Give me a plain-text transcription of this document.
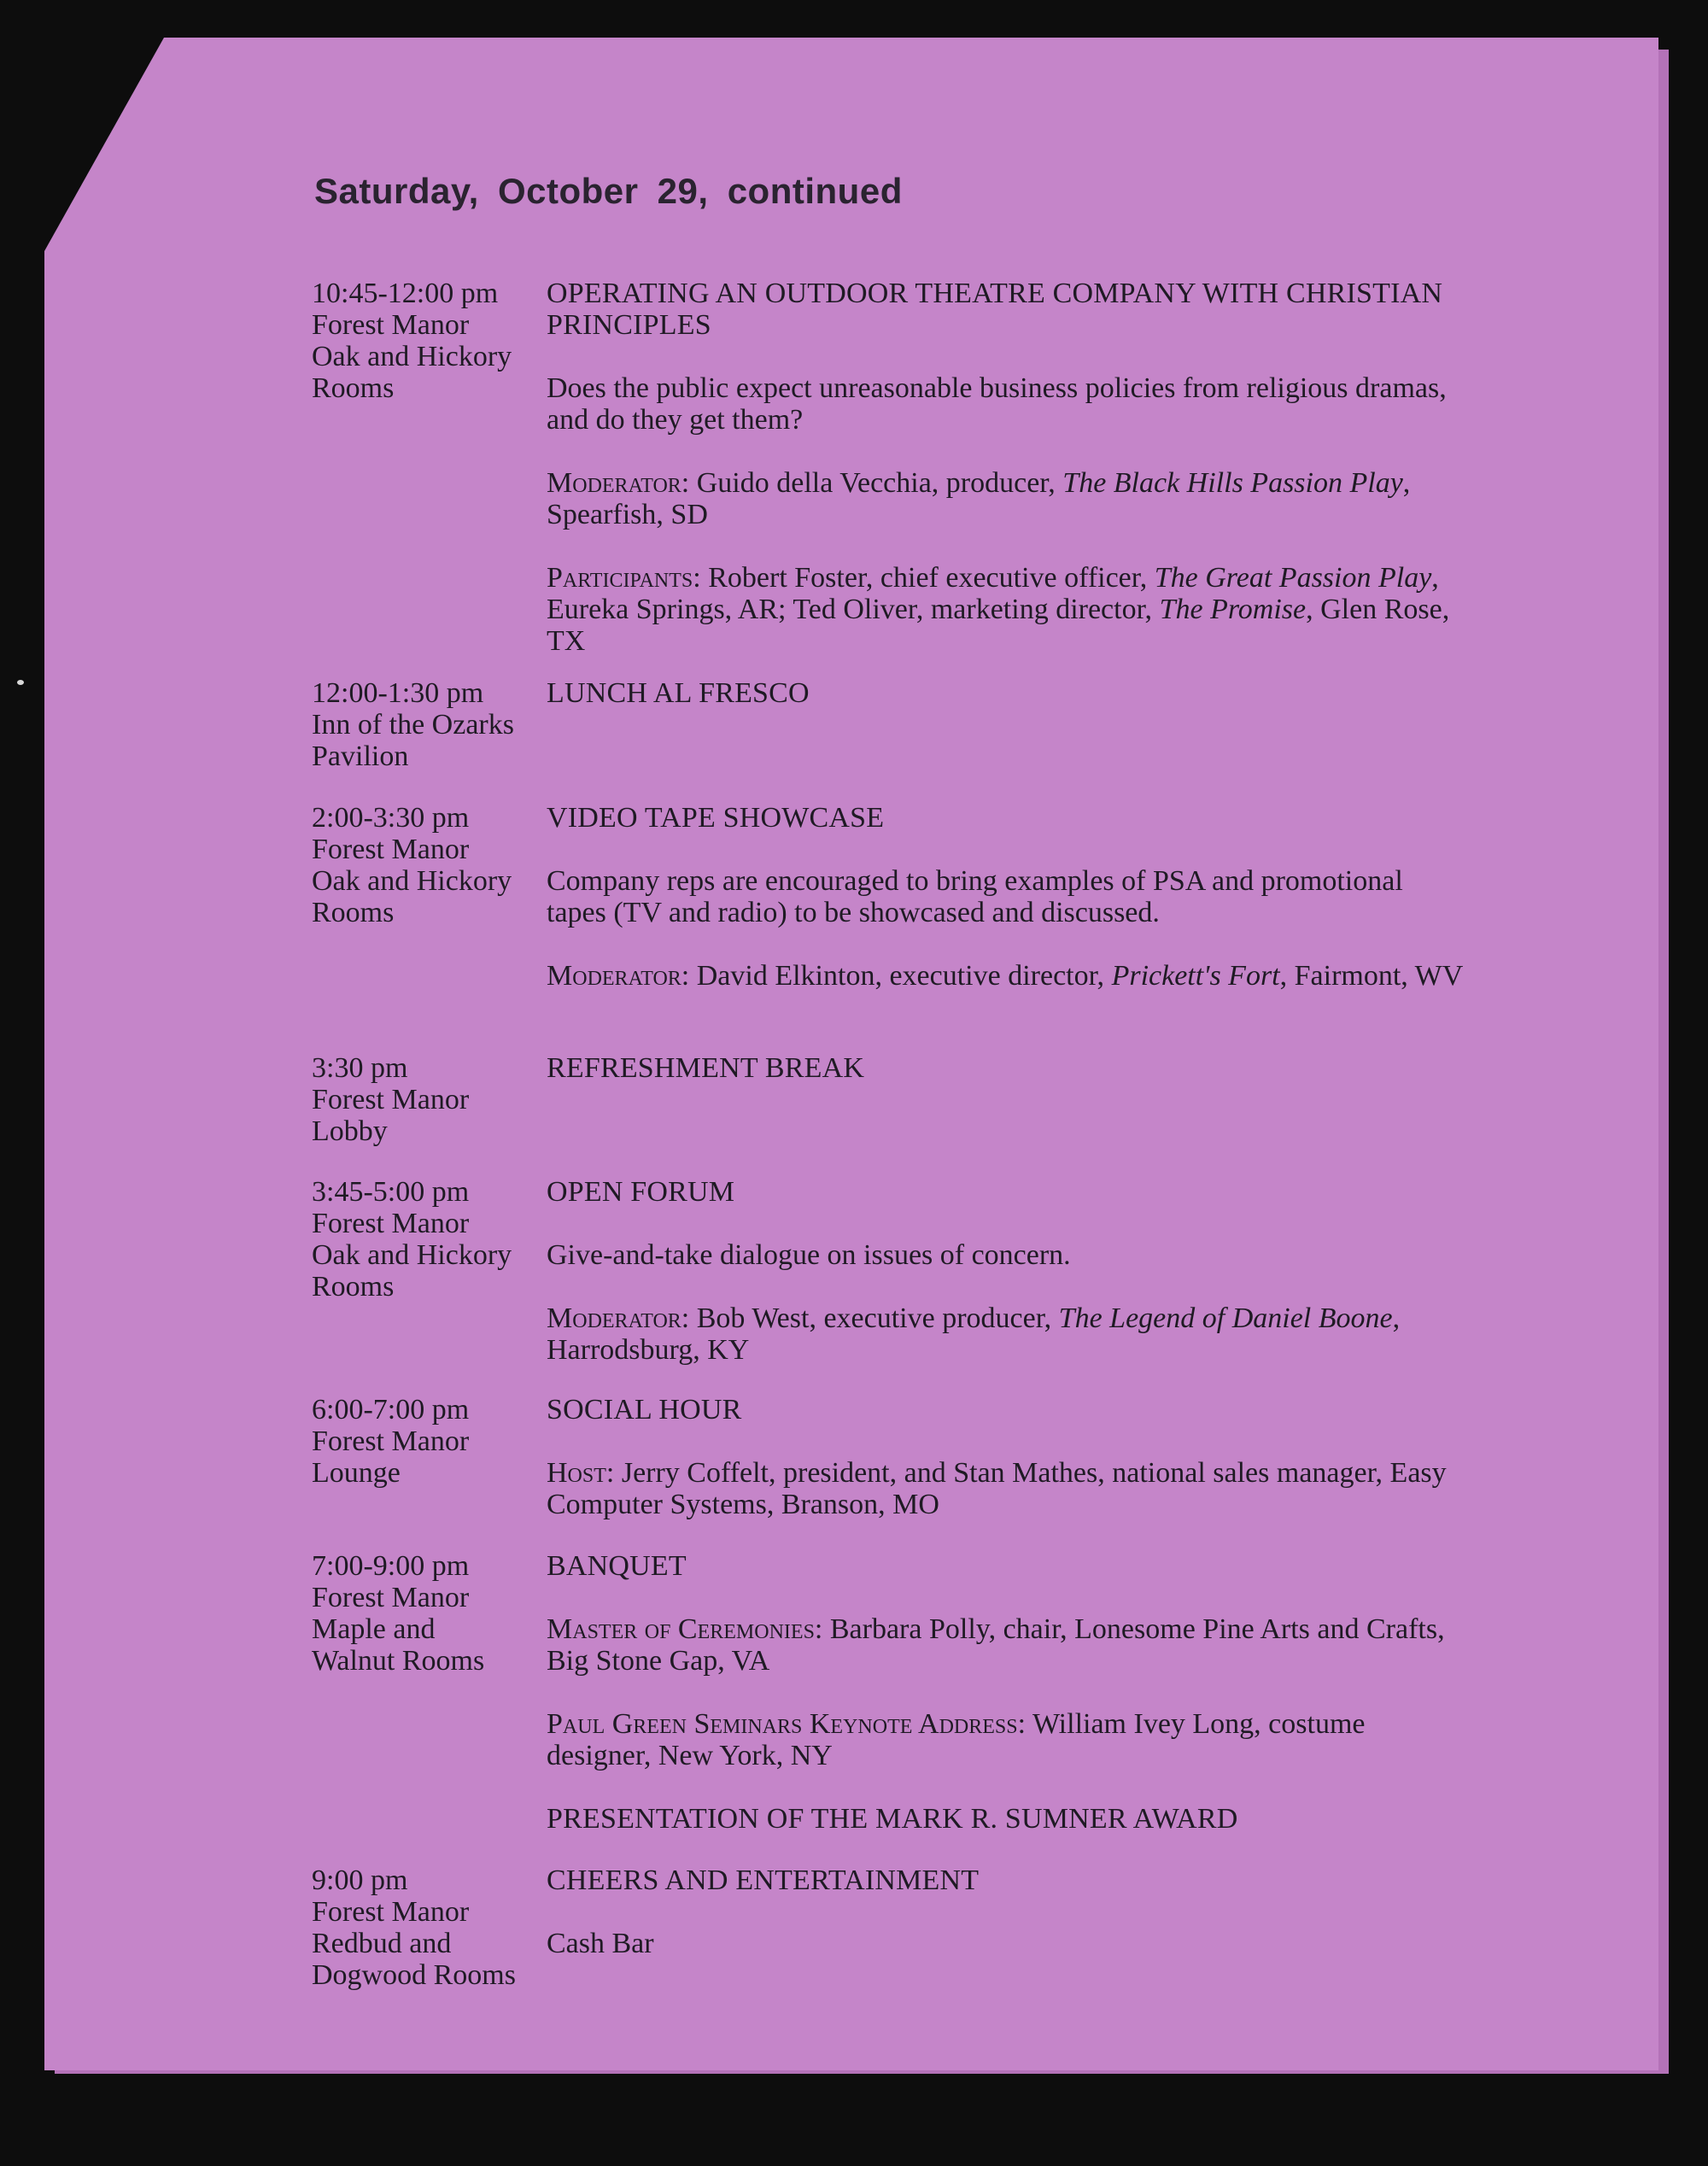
Saturday, October 29, continued
10:45-12:00 pm
Forest Manor
Oak and Hickory
Rooms

OPERATING AN OUTDOOR THEATRE COMPANY WITH CHRISTIAN PRINCIPLES

Does the public expect unreasonable business policies from religious dramas, and do they get them?

Moderator: Guido della Vecchia, producer, The Black Hills Passion Play, Spearfish, SD

Participants: Robert Foster, chief executive officer, The Great Passion Play, Eureka Springs, AR; Ted Oliver, marketing director, The Promise, Glen Rose, TX

12:00-1:30 pm
Inn of the Ozarks
Pavilion

LUNCH AL FRESCO

2:00-3:30 pm
Forest Manor
Oak and Hickory
Rooms

VIDEO TAPE SHOWCASE

Company reps are encouraged to bring examples of PSA and promotional tapes (TV and radio) to be showcased and discussed.

Moderator: David Elkinton, executive director, Prickett's Fort, Fairmont, WV

3:30 pm
Forest Manor
Lobby

REFRESHMENT BREAK

3:45-5:00 pm
Forest Manor
Oak and Hickory
Rooms

OPEN FORUM

Give-and-take dialogue on issues of concern.

Moderator: Bob West, executive producer, The Legend of Daniel Boone, Harrodsburg, KY

6:00-7:00 pm
Forest Manor
Lounge

SOCIAL HOUR

Host: Jerry Coffelt, president, and Stan Mathes, national sales manager, Easy Computer Systems, Branson, MO

7:00-9:00 pm
Forest Manor
Maple and
Walnut Rooms

BANQUET

Master of Ceremonies: Barbara Polly, chair, Lonesome Pine Arts and Crafts, Big Stone Gap, VA

Paul Green Seminars Keynote Address: William Ivey Long, costume designer, New York, NY

PRESENTATION OF THE MARK R. SUMNER AWARD

9:00 pm
Forest Manor
Redbud and
Dogwood Rooms

CHEERS AND ENTERTAINMENT

Cash Bar
